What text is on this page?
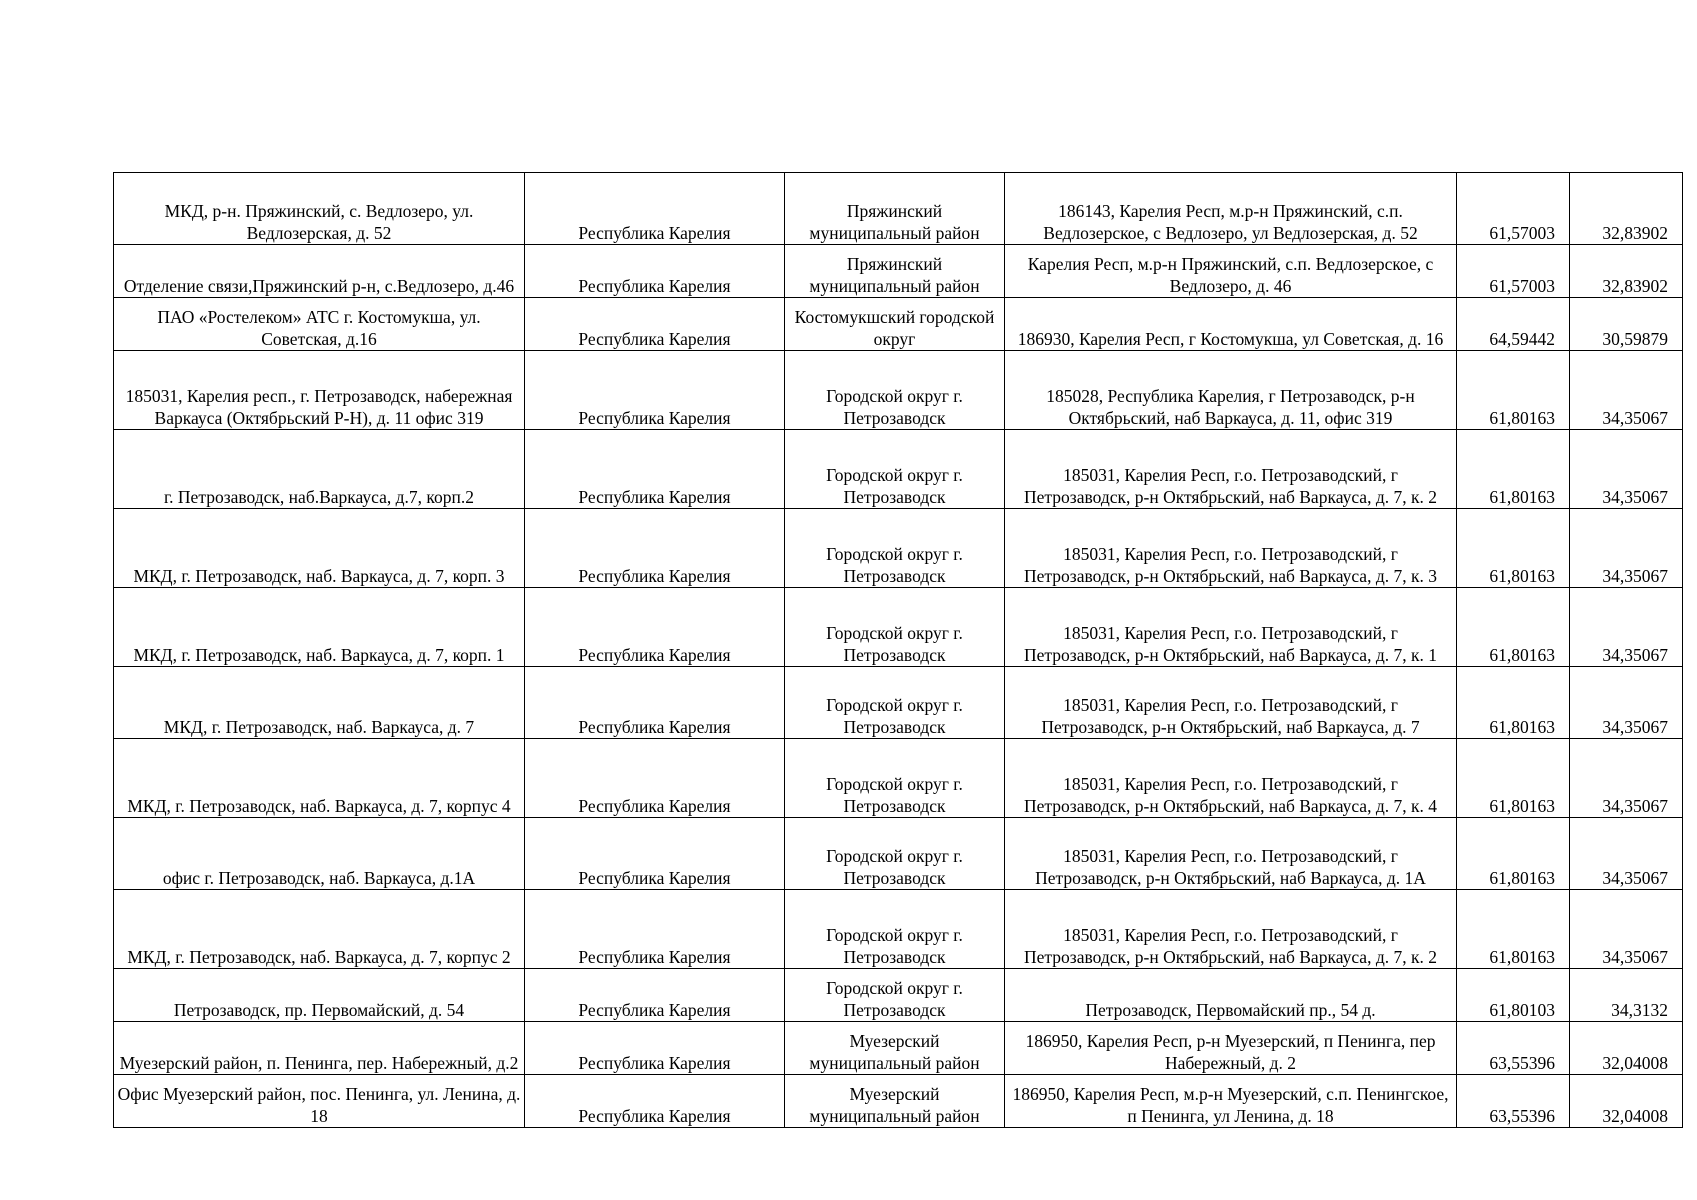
МКД, р-н. Пряжинский, с. Ведлозеро, ул. Ведлозерская, д. 52	Республика Карелия	Пряжинский муниципальный район	186143, Карелия Респ, м.р-н Пряжинский, с.п. Ведлозерское, с Ведлозеро, ул Ведлозерская, д. 52	61,57003	32,83902
Отделение связи,Пряжинский р-н, с.Ведлозеро, д.46	Республика Карелия	Пряжинский муниципальный район	Карелия Респ, м.р-н Пряжинский, с.п. Ведлозерское, с Ведлозеро, д. 46	61,57003	32,83902
ПАО «Ростелеком» АТС г. Костомукша, ул. Советская, д.16	Республика Карелия	Костомукшский городской округ	186930, Карелия Респ, г Костомукша, ул Советская, д. 16	64,59442	30,59879
185031, Карелия респ., г. Петрозаводск, набережная Варкауса (Октябрьский Р-Н), д. 11 офис 319	Республика Карелия	Городской округ г. Петрозаводск	185028, Республика Карелия, г Петрозаводск, р-н Октябрьский, наб Варкауса, д. 11, офис 319	61,80163	34,35067
г. Петрозаводск, наб.Варкауса, д.7, корп.2	Республика Карелия	Городской округ г. Петрозаводск	185031, Карелия Респ, г.о. Петрозаводский, г Петрозаводск, р-н Октябрьский, наб Варкауса, д. 7, к. 2	61,80163	34,35067
МКД, г. Петрозаводск, наб. Варкауса, д. 7, корп. 3	Республика Карелия	Городской округ г. Петрозаводск	185031, Карелия Респ, г.о. Петрозаводский, г Петрозаводск, р-н Октябрьский, наб Варкауса, д. 7, к. 3	61,80163	34,35067
МКД, г. Петрозаводск, наб. Варкауса, д. 7, корп. 1	Республика Карелия	Городской округ г. Петрозаводск	185031, Карелия Респ, г.о. Петрозаводский, г Петрозаводск, р-н Октябрьский, наб Варкауса, д. 7, к. 1	61,80163	34,35067
МКД, г. Петрозаводск, наб. Варкауса, д. 7	Республика Карелия	Городской округ г. Петрозаводск	185031, Карелия Респ, г.о. Петрозаводский, г Петрозаводск, р-н Октябрьский, наб Варкауса, д. 7	61,80163	34,35067
МКД, г. Петрозаводск, наб. Варкауса, д. 7, корпус 4	Республика Карелия	Городской округ г. Петрозаводск	185031, Карелия Респ, г.о. Петрозаводский, г Петрозаводск, р-н Октябрьский, наб Варкауса, д. 7, к. 4	61,80163	34,35067
офис г. Петрозаводск, наб. Варкауса, д.1А	Республика Карелия	Городской округ г. Петрозаводск	185031, Карелия Респ, г.о. Петрозаводский, г Петрозаводск, р-н Октябрьский, наб Варкауса, д. 1А	61,80163	34,35067
МКД, г. Петрозаводск, наб. Варкауса, д. 7, корпус 2	Республика Карелия	Городской округ г. Петрозаводск	185031, Карелия Респ, г.о. Петрозаводский, г Петрозаводск, р-н Октябрьский, наб Варкауса, д. 7, к. 2	61,80163	34,35067
Петрозаводск, пр. Первомайский, д. 54	Республика Карелия	Городской округ г. Петрозаводск	Петрозаводск, Первомайский пр., 54 д.	61,80103	34,3132
Муезерский район, п. Пенинга, пер. Набережный, д.2	Республика Карелия	Муезерский муниципальный район	186950, Карелия Респ, р-н Муезерский, п Пенинга, пер Набережный, д. 2	63,55396	32,04008
Офис Муезерский район, пос. Пенинга, ул. Ленина, д. 18	Республика Карелия	Муезерский муниципальный район	186950, Карелия Респ, м.р-н Муезерский, с.п. Пенингское, п Пенинга, ул Ленина, д. 18	63,55396	32,04008
